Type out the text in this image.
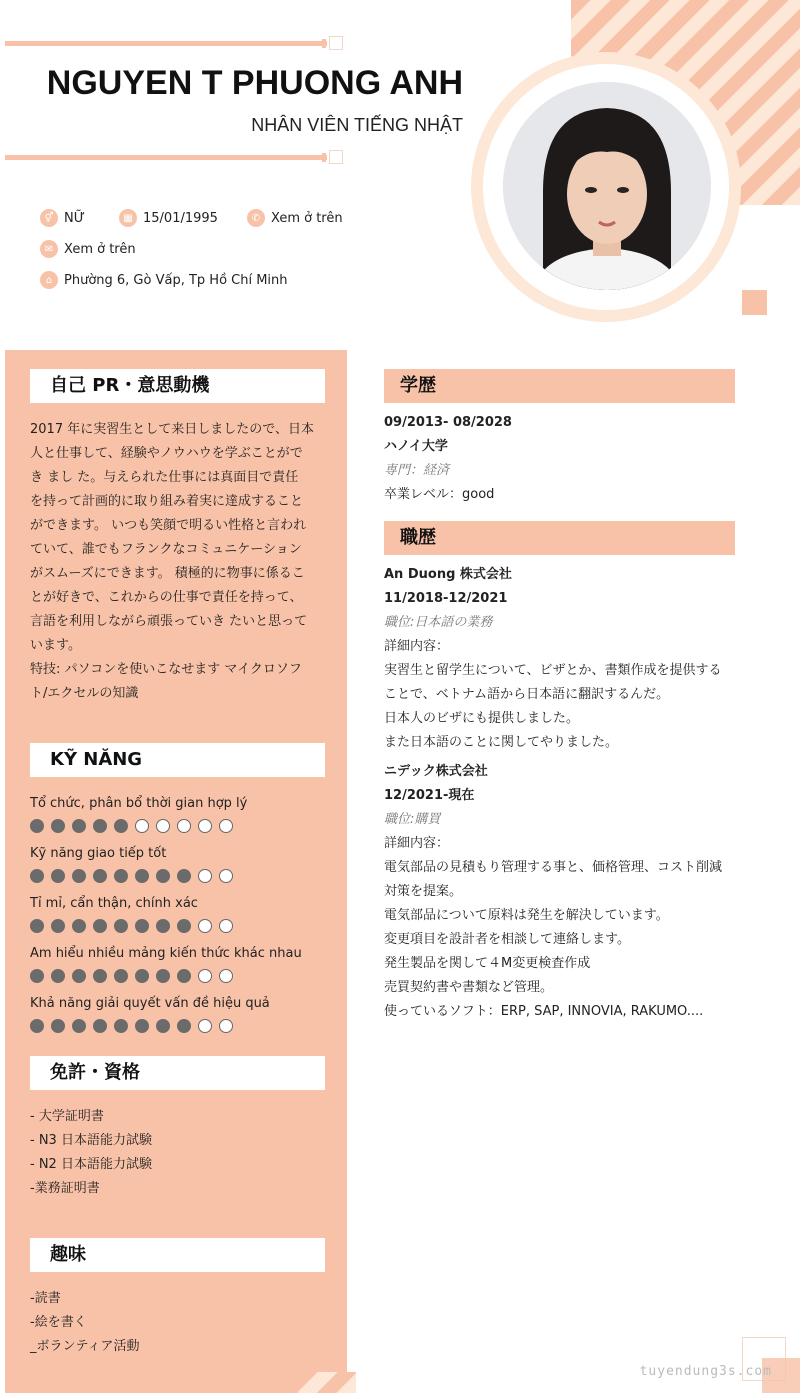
NGUYEN T PHUONG ANH
NHÂN VIÊN TIẾNG NHẬT
⚥ NỮ	▦ 15/01/1995	✆ Xem ở trên
✉ Xem ở trên
⌂ Phường 6, Gò Vấp, Tp Hồ Chí Minh
自己 PR・意思動機
2017 年に実習生として来日しましたので、日本
人と仕事して、経験やノウハウを学ぶことがで
き まし た。与えられた仕事には真面目で責任
を持って計画的に取り組み着実に達成すること
ができます。 いつも笑顔で明るい性格と言われ
ていて、誰でもフランクなコミュニケーション
がスムーズにできます。 積極的に物事に係るこ
とが好きで、これからの仕事で責任を持って、
言語を利用しながら頑張っていき たいと思って
います。
特技: パソコンを使いこなせます マイクロソフ
ト/エクセルの知識
KỸ NĂNG
Tổ chức, phân bổ thời gian hợp lý
Kỹ năng giao tiếp tốt
Tỉ mỉ, cẩn thận, chính xác
Am hiểu nhiều mảng kiến thức khác nhau
Khả năng giải quyết vấn đề hiệu quả
免許・資格
- 大学証明書
- N3 日本語能力試験
- N2 日本語能力試験
-業務証明書
趣味
-読書
-絵を書く
_ボランティア活動
学歴
09/2013- 08/2028
ハノイ大学
専門：経済
卒業レベル：good
職歴
An Duong 株式会社
11/2018-12/2021
職位:日本語の業務
詳細内容：
実習生と留学生について、ビザとか、書類作成を提供する
ことで、ベトナム語から日本語に翻訳するんだ。
日本人のビザにも提供しました。
また日本語のことに関してやりました。
ニデック株式会社
12/2021-現在
職位:購買
詳細内容：
電気部品の見積もり管理する事と、価格管理、コスト削減
対策を提案。
電気部品について原料は発生を解決しています。
変更項目を設計者を相談して連絡します。
発生製品を関して４M変更検査作成
売買契約書や書類など管理。
使っているソフト：ERP, SAP, INNOVIA, RAKUMO....
tuyendung3s.com
